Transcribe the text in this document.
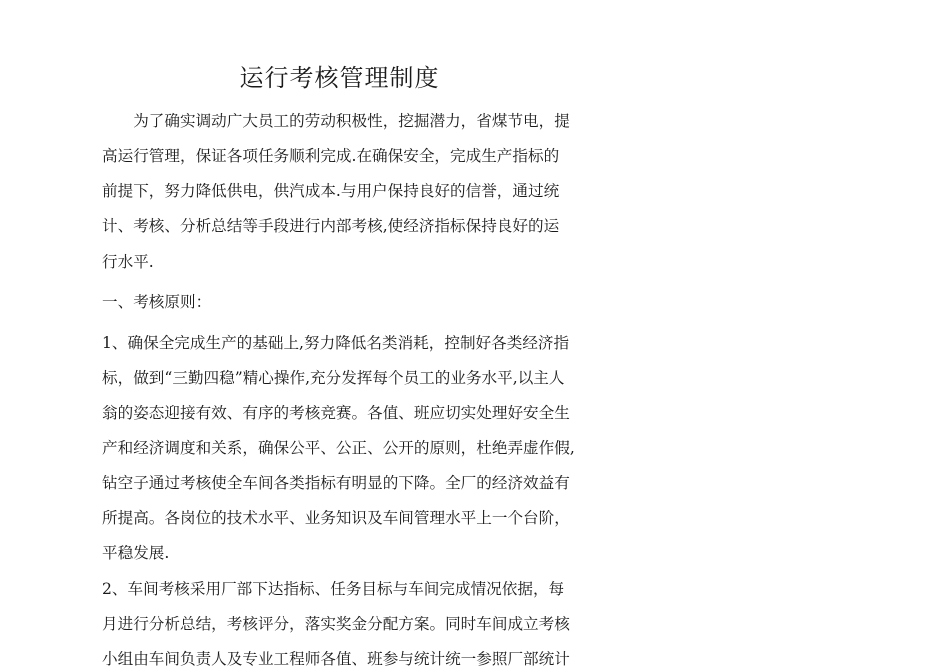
运行考核管理制度

　　为了确实调动广大员工的劳动积极性，挖掘潜力，省煤节电，提

高运行管理，保证各项任务顺利完成.在确保安全，完成生产指标的

前提下，努力降低供电，供汽成本.与用户保持良好的信誉，通过统

计、考核、分析总结等手段进行内部考核,使经济指标保持良好的运

行水平.

一、考核原则：

1、确保全完成生产的基础上,努力降低名类消耗，控制好各类经济指

标，做到“三勤四稳”精心操作,充分发挥每个员工的业务水平,以主人

翁的姿态迎接有效、有序的考核竞赛。各值、班应切实处理好安全生

产和经济调度和关系，确保公平、公正、公开的原则，杜绝弄虚作假,

钻空子通过考核使全车间各类指标有明显的下降。全厂的经济效益有

所提高。各岗位的技术水平、业务知识及车间管理水平上一个台阶，

平稳发展.

2、车间考核采用厂部下达指标、任务目标与车间完成情况依据，每

月进行分析总结，考核评分，落实奖金分配方案。同时车间成立考核

小组由车间负责人及专业工程师各值、班参与统计统一参照厂部统计
